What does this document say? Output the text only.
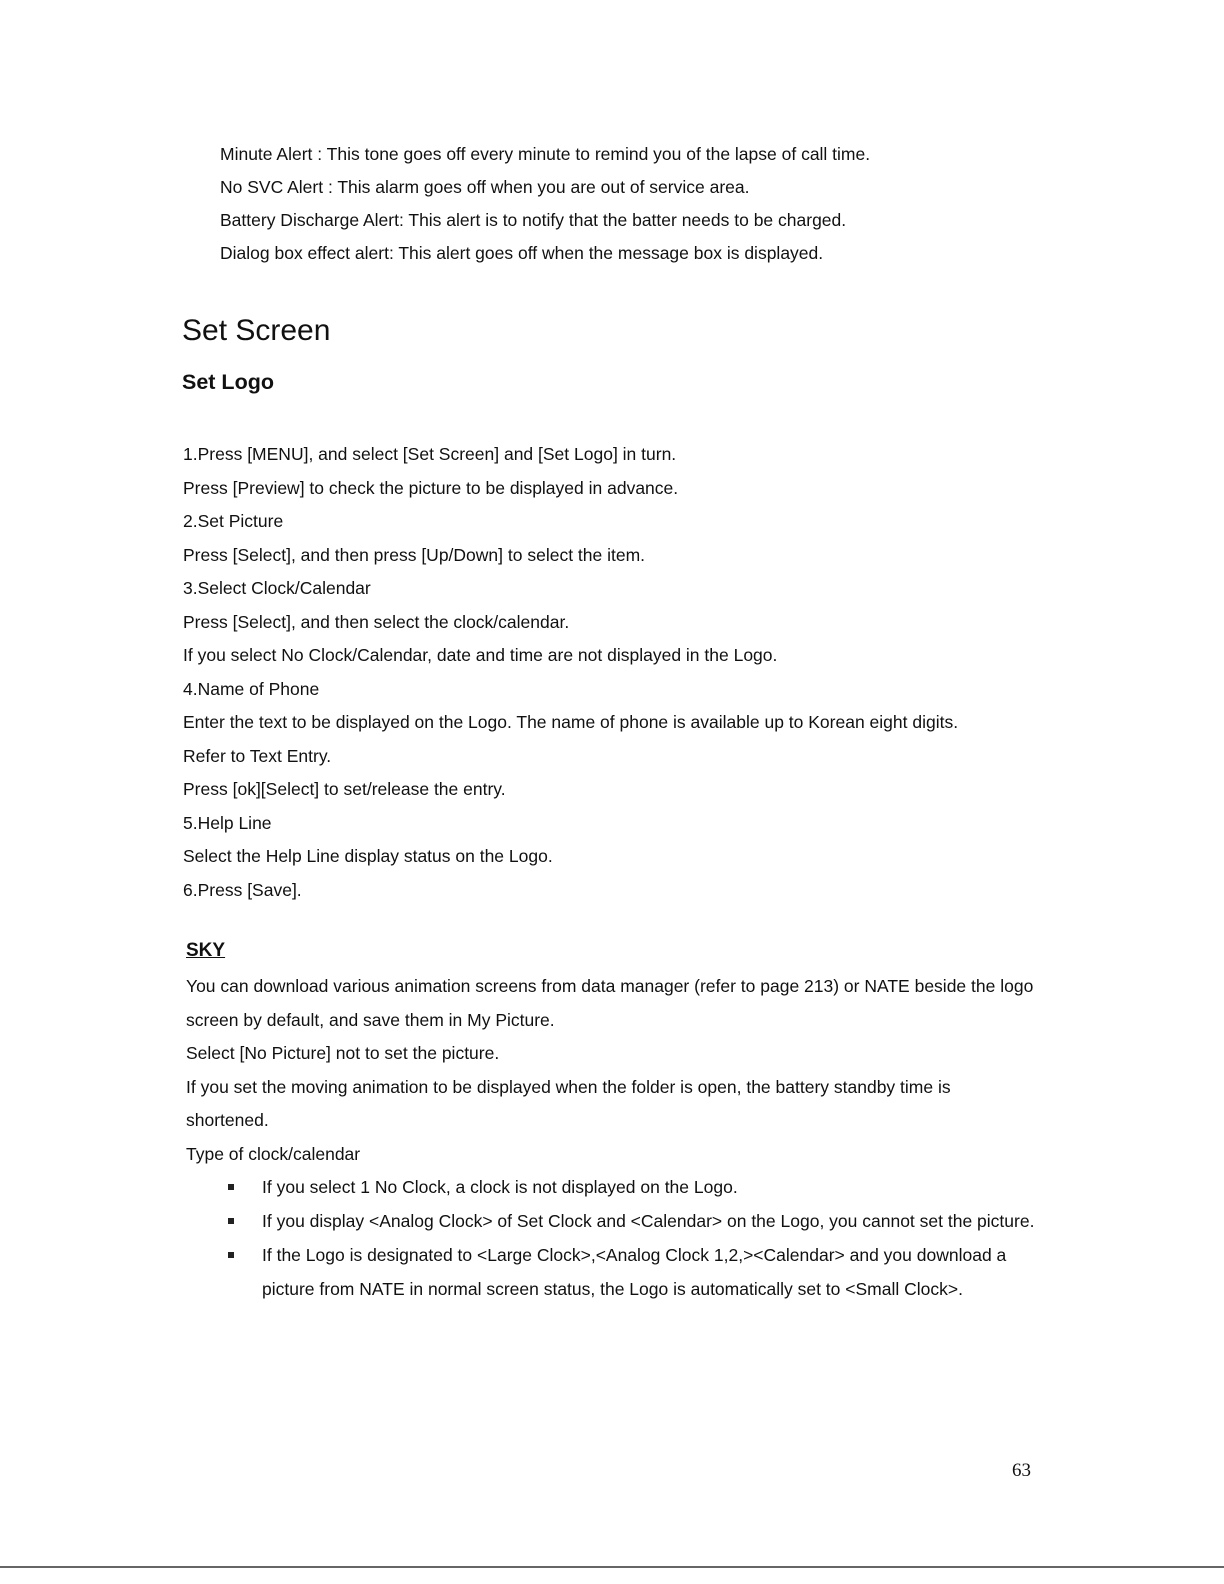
Minute Alert : This tone goes off every minute to remind you of the lapse of call time.

No SVC Alert : This alarm goes off when you are out of service area.

Battery Discharge Alert: This alert is to notify that the batter needs to be charged.

Dialog box effect alert: This alert goes off when the message box is displayed.

Set Screen
Set Logo

1.Press [MENU], and select [Set Screen] and [Set Logo] in turn.

Press [Preview] to check the picture to be displayed in advance.

2.Set Picture

Press [Select], and then press [Up/Down] to select the item.

3.Select Clock/Calendar

Press [Select], and then select the clock/calendar.

If you select No Clock/Calendar, date and time are not displayed in the Logo.

4.Name of Phone

Enter the text to be displayed on the Logo. The name of phone is available up to Korean eight digits.

Refer to Text Entry.

Press [ok][Select] to set/release the entry.

5.Help Line

Select the Help Line display status on the Logo.

6.Press [Save].

SKY

You can download various animation screens from data manager (refer to page 213) or NATE beside the logo screen by default, and save them in My Picture.

Select [No Picture] not to set the picture.

If you set the moving animation to be displayed when the folder is open, the battery standby time is shortened.

Type of clock/calendar

If you select 1 No Clock, a clock is not displayed on the Logo.
If you display <Analog Clock> of Set Clock and <Calendar> on the Logo, you cannot set the picture.
If the Logo is designated to <Large Clock>,<Analog Clock 1,2,><Calendar> and you download a picture from NATE in normal screen status, the Logo is automatically set to <Small Clock>.

63
